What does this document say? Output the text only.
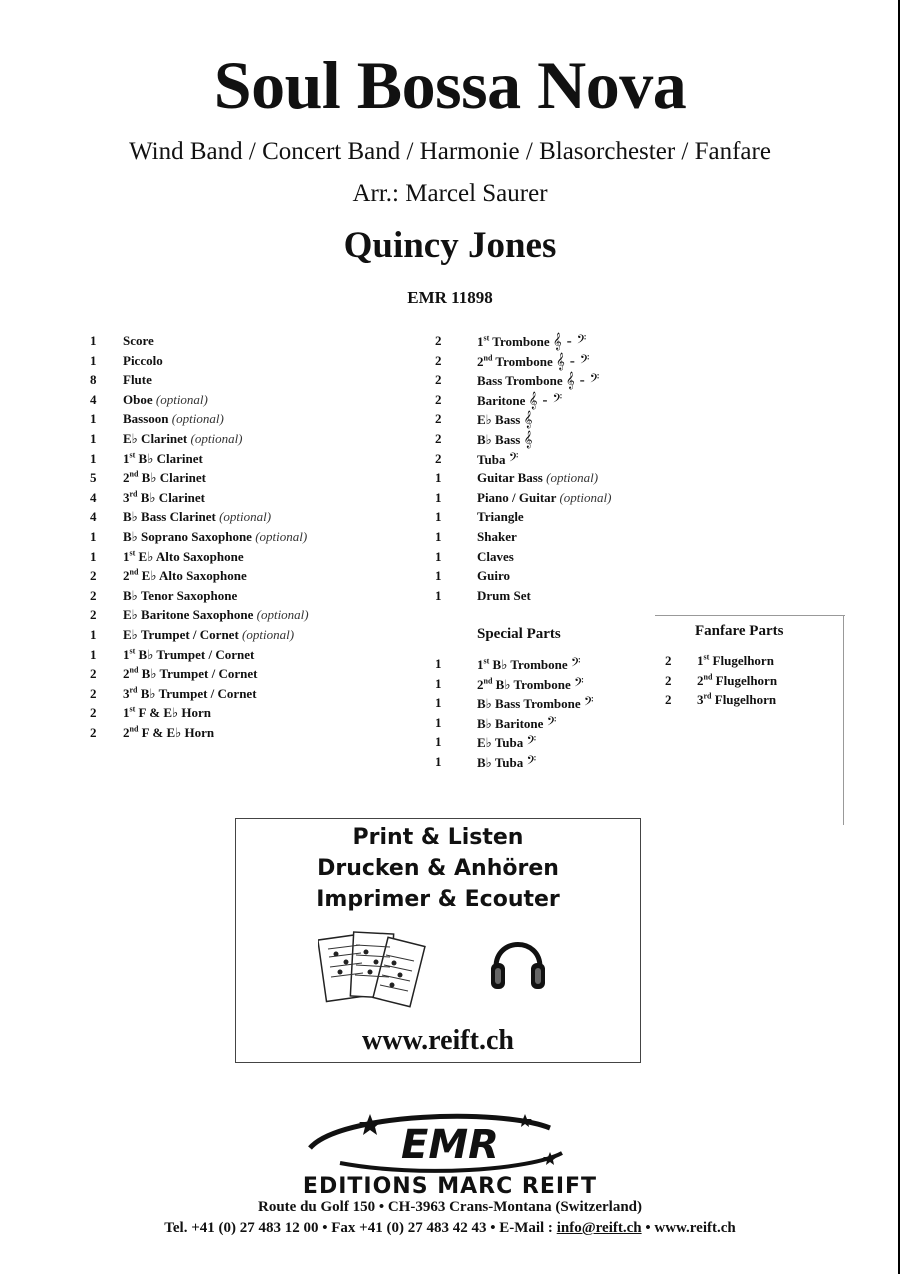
Soul Bossa Nova
Wind Band / Concert Band / Harmonie / Blasorchester / Fanfare
Arr.: Marcel Saurer
Quincy Jones
EMR 11898
1	Score
1	Piccolo
8	Flute
4	Oboe (optional)
1	Bassoon (optional)
1	E♭ Clarinet (optional)
1	1st B♭ Clarinet
5	2nd B♭ Clarinet
4	3rd B♭ Clarinet
4	B♭ Bass Clarinet (optional)
1	B♭ Soprano Saxophone (optional)
1	1st E♭ Alto Saxophone
2	2nd E♭ Alto Saxophone
2	B♭ Tenor Saxophone
2	E♭ Baritone Saxophone (optional)
1	E♭ Trumpet / Cornet (optional)
1	1st B♭ Trumpet / Cornet
2	2nd B♭ Trumpet / Cornet
2	3rd B♭ Trumpet / Cornet
2	1st F & E♭ Horn
2	2nd F & E♭ Horn
2	1st Trombone 𝄞 - 𝄢
2	2nd Trombone 𝄞 - 𝄢
2	Bass Trombone 𝄞 - 𝄢
2	Baritone 𝄞 - 𝄢
2	E♭ Bass 𝄞
2	B♭ Bass 𝄞
2	Tuba 𝄢
1	Guitar Bass (optional)
1	Piano / Guitar (optional)
1	Triangle
1	Shaker
1	Claves
1	Guiro
1	Drum Set
Special Parts
1	1st B♭ Trombone 𝄢
1	2nd B♭ Trombone 𝄢
1	B♭ Bass Trombone 𝄢
1	B♭ Baritone 𝄢
1	E♭ Tuba 𝄢
1	B♭ Tuba 𝄢
Fanfare Parts
2	1st Flugelhorn
2	2nd Flugelhorn
2	3rd Flugelhorn
Print & Listen
Drucken & Anhören
Imprimer & Ecouter
www.reift.ch
EMR
EDITIONS MARC REIFT
Route du Golf 150 • CH-3963 Crans-Montana (Switzerland)
Tel. +41 (0) 27 483 12 00 • Fax +41 (0) 27 483 42 43 • E-Mail : info@reift.ch • www.reift.ch
